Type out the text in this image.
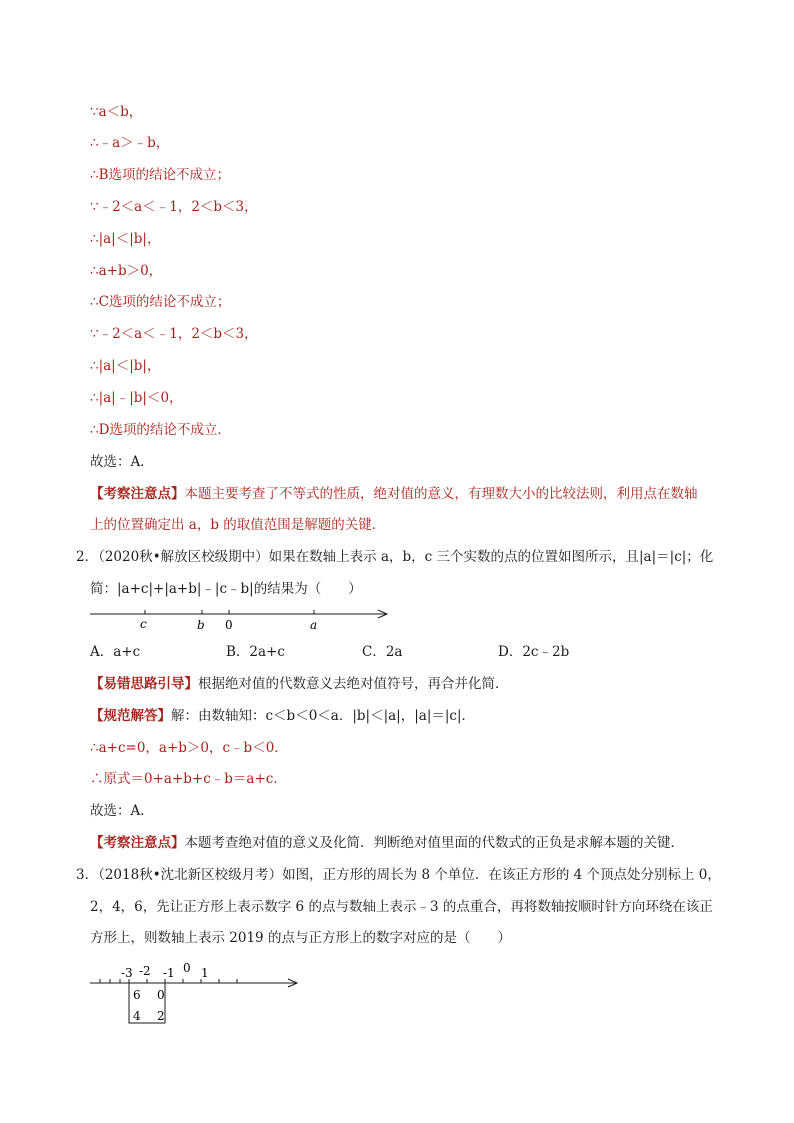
∵a＜b，
∴﹣a＞﹣b，
∴B选项的结论不成立；
∵﹣2＜a＜﹣1，2＜b＜3，
∴|a|＜|b|，
∴a+b＞0，
∴C选项的结论不成立；
∵﹣2＜a＜﹣1，2＜b＜3，
∴|a|＜|b|，
∴|a|﹣|b|＜0，
∴D选项的结论不成立．
故选：A．
【考察注意点】本题主要考查了不等式的性质，绝对值的意义，有理数大小的比较法则，利用点在数轴
上的位置确定出 a，b 的取值范围是解题的关键．
2．（2020秋•解放区校级期中）如果在数轴上表示 a，b，c 三个实数的点的位置如图所示，且|a|＝|c|；化
简：|a+c|+|a+b|﹣|c﹣b|的结果为（　　）
c	b 0	a
A．a+c	B．2a+c	C．2a	D．2c﹣2b
【易错思路引导】根据绝对值的代数意义去绝对值符号，再合并化简．
【规范解答】解：由数轴知：c＜b＜0＜a．|b|＜|a|，|a|＝|c|．
∴a+c=0，a+b＞0，c﹣b＜0．
∴原式＝0+a+b+c﹣b＝a+c．
故选：A．
【考察注意点】本题考查绝对值的意义及化简．判断绝对值里面的代数式的正负是求解本题的关键．
3．（2018秋•沈北新区校级月考）如图，正方形的周长为 8 个单位．在该正方形的 4 个顶点处分别标上 0，
2，4，6，先让正方形上表示数字 6 的点与数轴上表示﹣3 的点重合，再将数轴按顺时针方向环绕在该正
方形上，则数轴上表示 2019 的点与正方形上的数字对应的是（　　）
-3 -2 -1 0 1
6 0
4 2
